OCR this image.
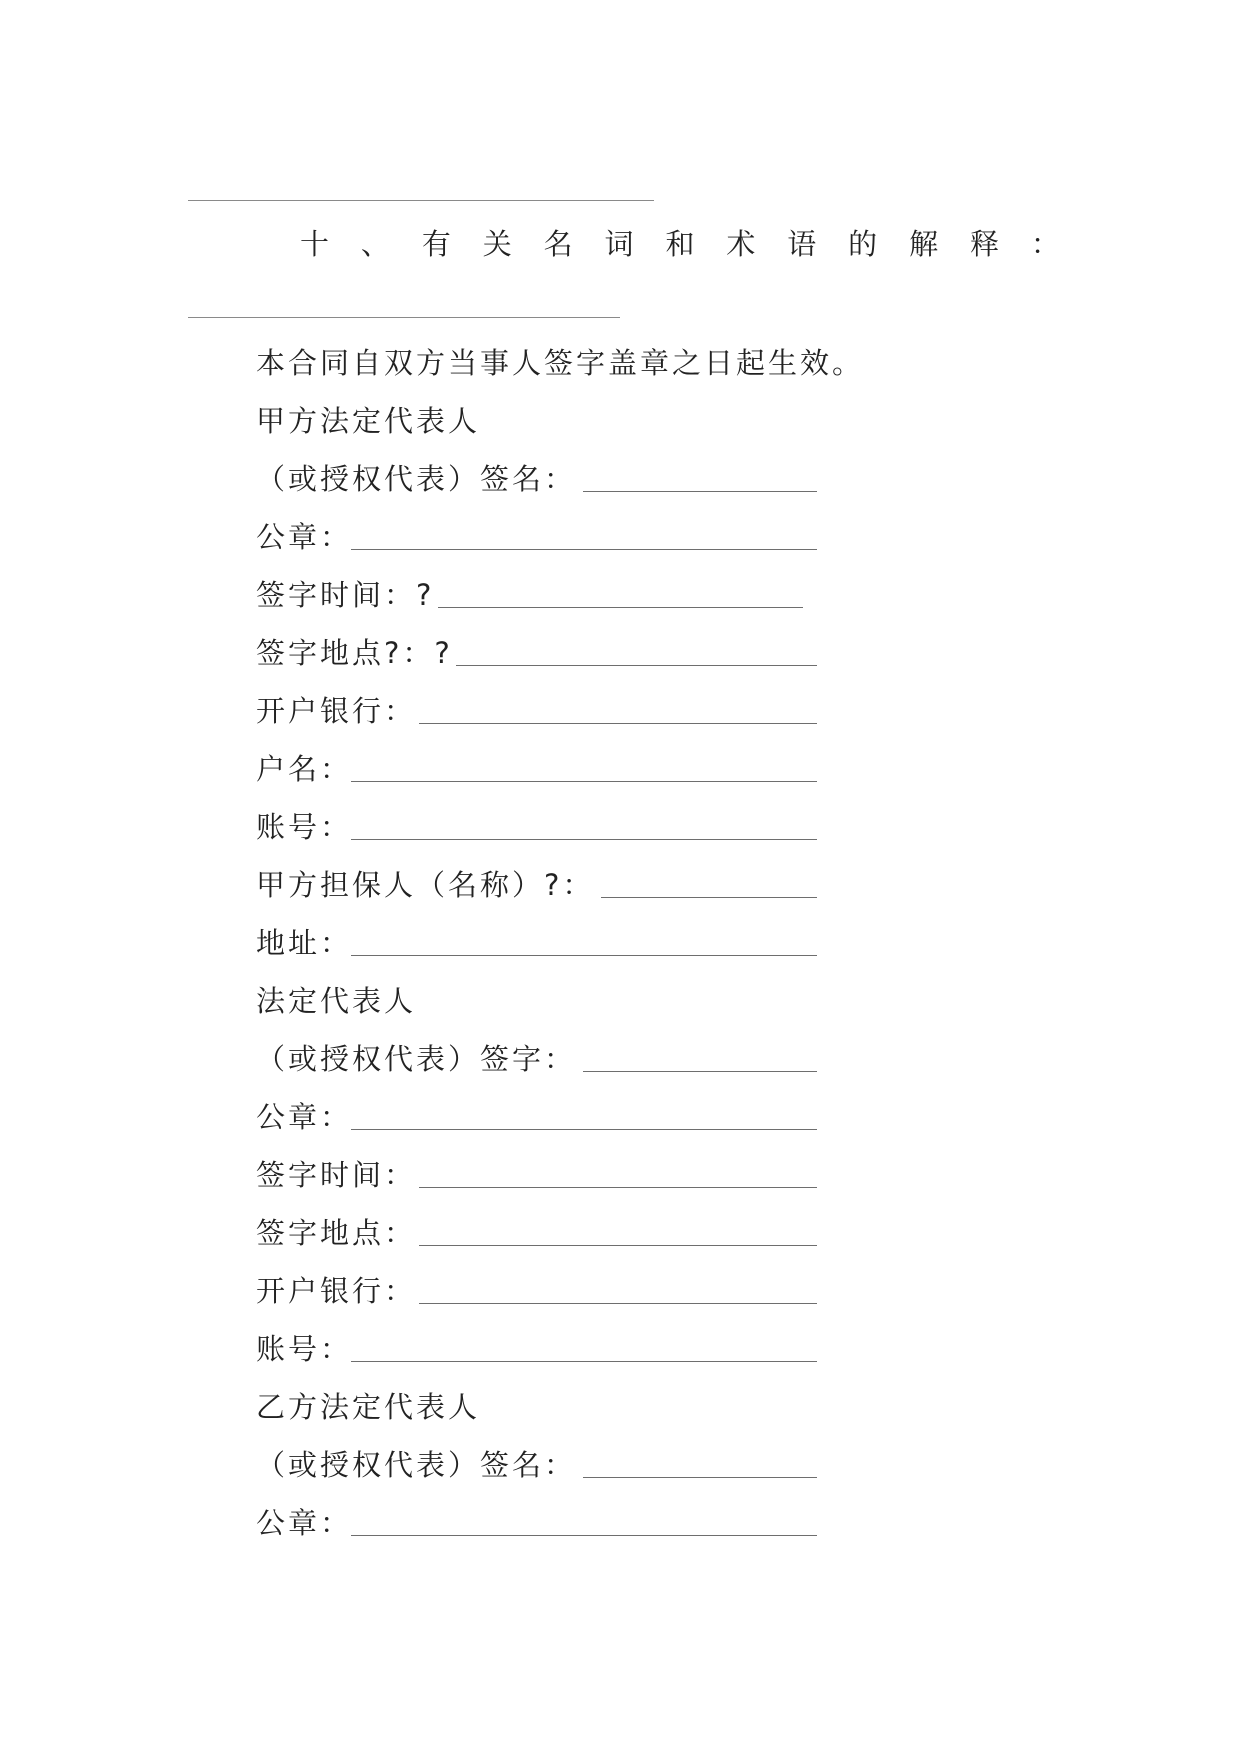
十 、 有 关 名 词 和 术 语 的 解 释 ：
本合同自双方当事人签字盖章之日起生效。
甲方法定代表人
（或授权代表）签名：
公章：
签字时间：?
签字地点?：?
开户银行：
户名：
账号：
甲方担保人（名称）?：
地址：
法定代表人
（或授权代表）签字：
公章：
签字时间：
签字地点：
开户银行：
账号：
乙方法定代表人
（或授权代表）签名：
公章：
